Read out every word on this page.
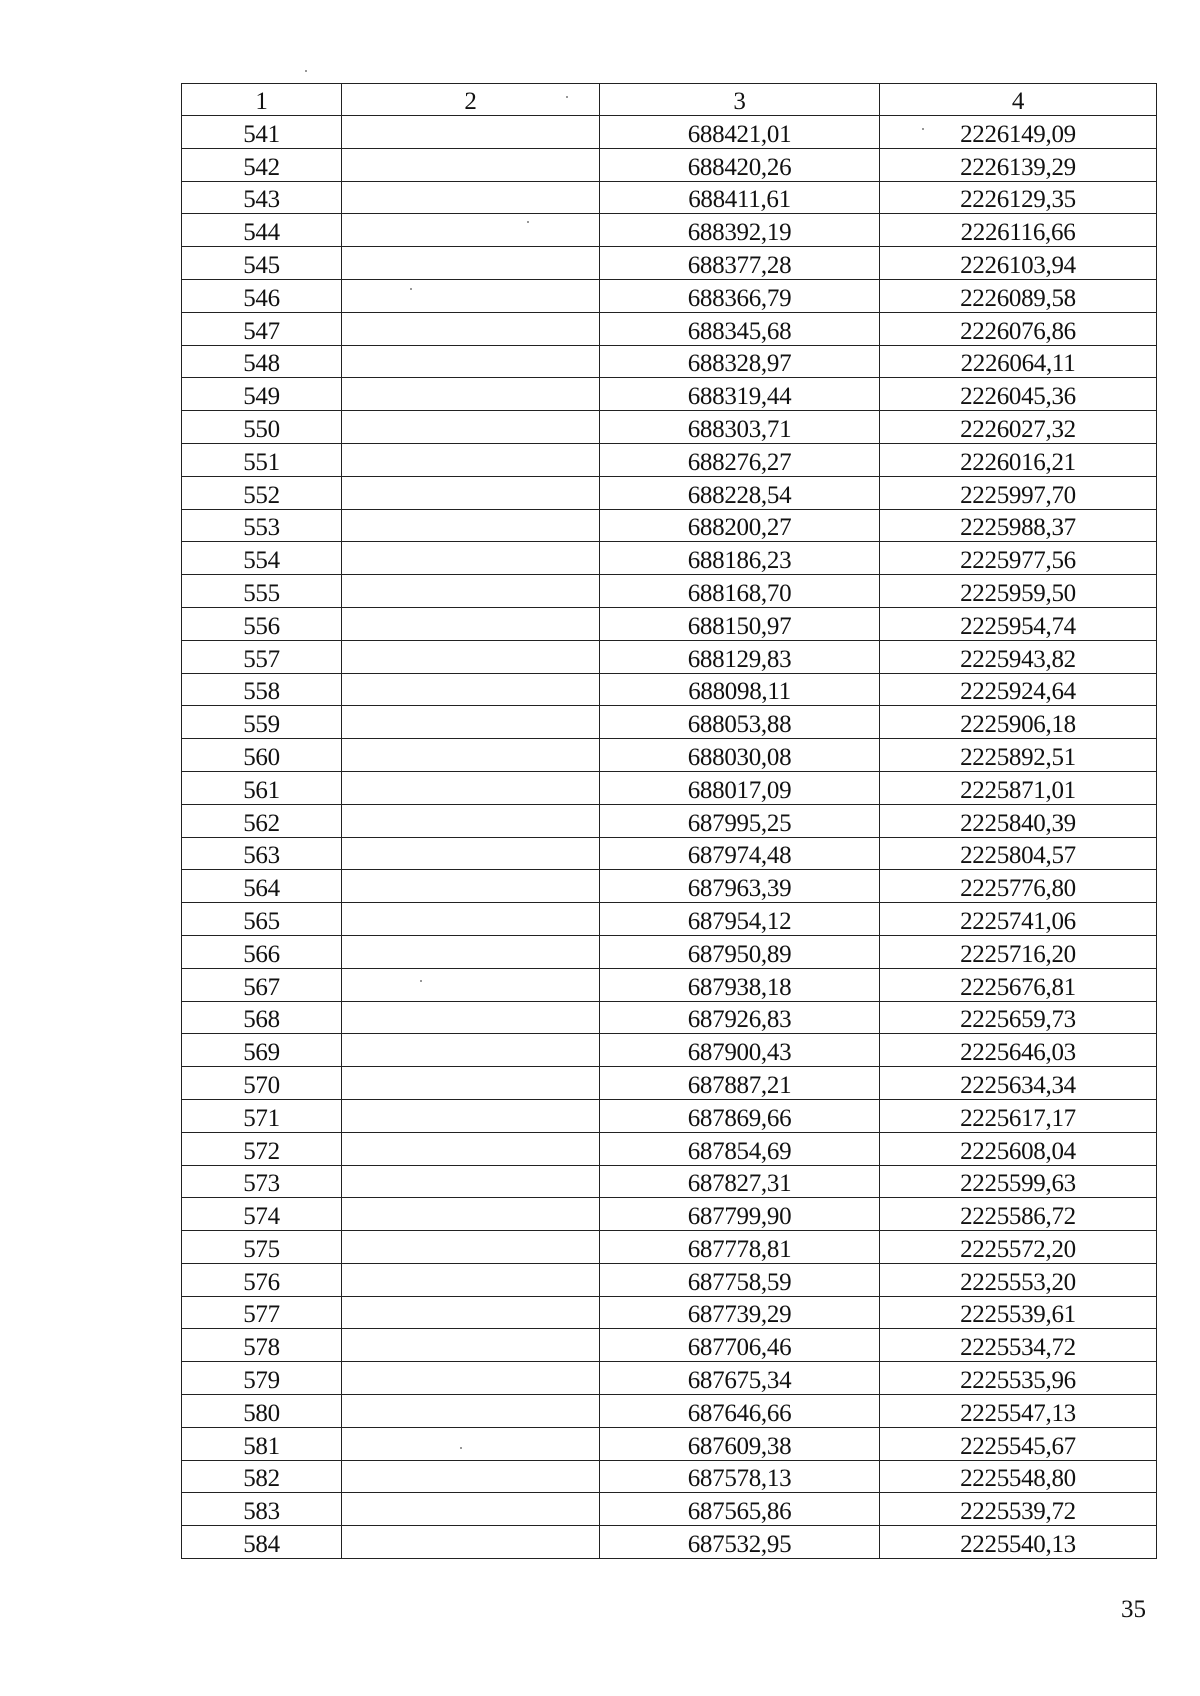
1	2	3	4
541		688421,01	2226149,09
542		688420,26	2226139,29
543		688411,61	2226129,35
544		688392,19	2226116,66
545		688377,28	2226103,94
546		688366,79	2226089,58
547		688345,68	2226076,86
548		688328,97	2226064,11
549		688319,44	2226045,36
550		688303,71	2226027,32
551		688276,27	2226016,21
552		688228,54	2225997,70
553		688200,27	2225988,37
554		688186,23	2225977,56
555		688168,70	2225959,50
556		688150,97	2225954,74
557		688129,83	2225943,82
558		688098,11	2225924,64
559		688053,88	2225906,18
560		688030,08	2225892,51
561		688017,09	2225871,01
562		687995,25	2225840,39
563		687974,48	2225804,57
564		687963,39	2225776,80
565		687954,12	2225741,06
566		687950,89	2225716,20
567		687938,18	2225676,81
568		687926,83	2225659,73
569		687900,43	2225646,03
570		687887,21	2225634,34
571		687869,66	2225617,17
572		687854,69	2225608,04
573		687827,31	2225599,63
574		687799,90	2225586,72
575		687778,81	2225572,20
576		687758,59	2225553,20
577		687739,29	2225539,61
578		687706,46	2225534,72
579		687675,34	2225535,96
580		687646,66	2225547,13
581		687609,38	2225545,67
582		687578,13	2225548,80
583		687565,86	2225539,72
584		687532,95	2225540,13
35
